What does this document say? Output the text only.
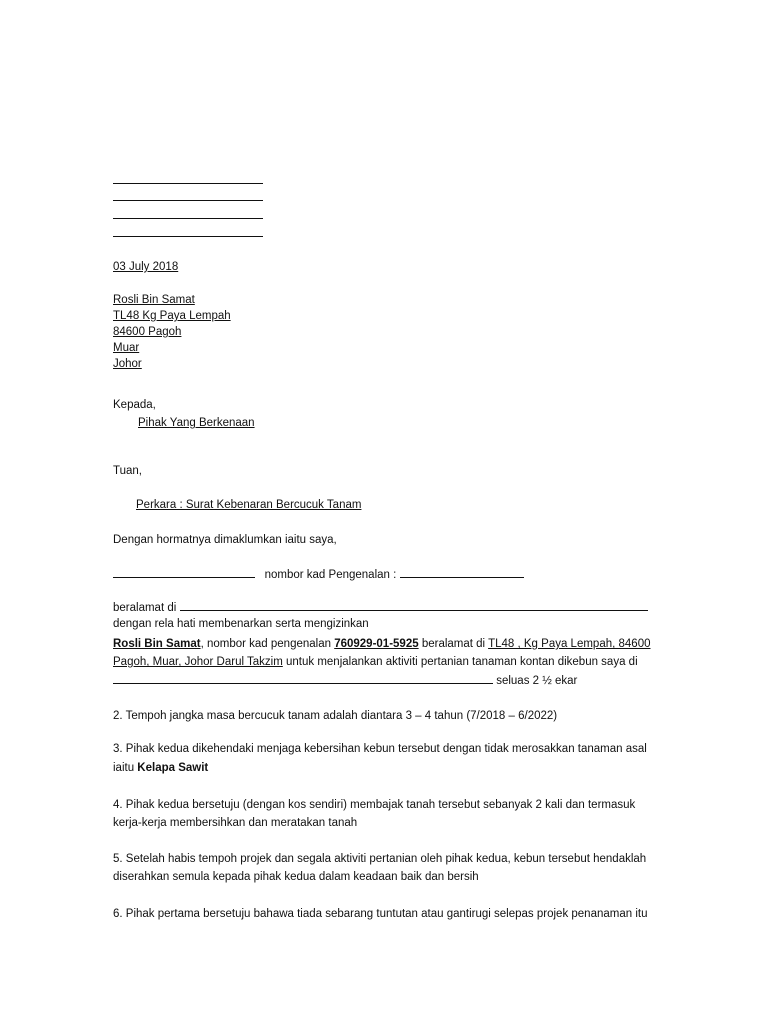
03 July 2018
Rosli Bin Samat
TL48 Kg Paya Lempah
84600 Pagoh
Muar
Johor
Kepada,
Pihak Yang Berkenaan
Tuan,
Perkara : Surat Kebenaran Bercucuk Tanam
Dengan hormatnya dimaklumkan iaitu saya,
nombor kad Pengenalan :
beralamat di
dengan rela hati membenarkan serta mengizinkan
Rosli Bin Samat, nombor kad pengenalan 760929-01-5925 beralamat di TL48 , Kg Paya Lempah, 84600
Pagoh, Muar, Johor Darul Takzim untuk menjalankan aktiviti pertanian tanaman kontan dikebun saya di
seluas 2 ½ ekar
2. Tempoh jangka masa bercucuk tanam adalah diantara 3 – 4 tahun (7/2018 – 6/2022)
3. Pihak kedua dikehendaki menjaga kebersihan kebun tersebut dengan tidak merosakkan tanaman asal
iaitu Kelapa Sawit
4. Pihak kedua bersetuju (dengan kos sendiri) membajak tanah tersebut sebanyak 2 kali dan termasuk
kerja-kerja membersihkan dan meratakan tanah
5. Setelah habis tempoh projek dan segala aktiviti pertanian oleh pihak kedua, kebun tersebut hendaklah
diserahkan semula kepada pihak kedua dalam keadaan baik dan bersih
6. Pihak pertama bersetuju bahawa tiada sebarang tuntutan atau gantirugi selepas projek penanaman itu
